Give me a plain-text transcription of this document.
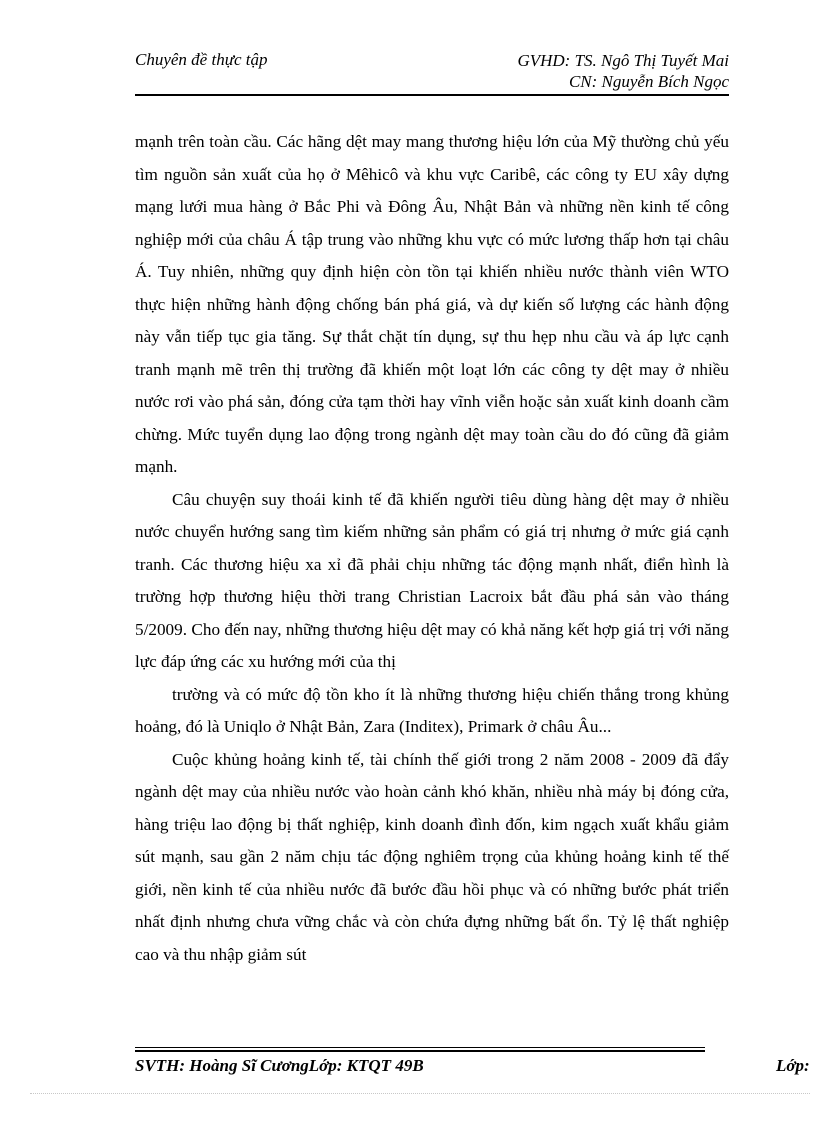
Chuyên đề thực tập	GVHD: TS. Ngô Thị Tuyết Mai
CN: Nguyễn Bích Ngọc

mạnh trên toàn cầu. Các hãng dệt may mang thương hiệu lớn của Mỹ thường chủ yếu tìm nguồn sản xuất của họ ở Mêhicô và khu vực Caribê, các công ty EU xây dựng mạng lưới mua hàng ở Bắc Phi và Đông Âu, Nhật Bản và những nền kinh tế công nghiệp mới của châu Á tập trung vào những khu vực có mức lương thấp hơn tại châu Á. Tuy nhiên, những quy định hiện còn tồn tại khiến nhiều nước thành viên WTO thực hiện những hành động chống bán phá giá, và dự kiến số lượng các hành động này vẫn tiếp tục gia tăng. Sự thắt chặt tín dụng, sự thu hẹp nhu cầu và áp lực cạnh tranh mạnh mẽ trên thị trường đã khiến một loạt lớn các công ty dệt may ở nhiều nước rơi vào phá sản, đóng cửa tạm thời hay vĩnh viễn hoặc sản xuất kinh doanh cầm chừng. Mức tuyển dụng lao động trong ngành dệt may toàn cầu do đó cũng đã giảm mạnh.

Câu chuyện suy thoái kinh tế đã khiến người tiêu dùng hàng dệt may ở nhiều nước chuyển hướng sang tìm kiếm những sản phẩm có giá trị nhưng ở mức giá cạnh tranh. Các thương hiệu xa xỉ đã phải chịu những tác động mạnh nhất, điển hình là trường hợp thương hiệu thời trang Christian Lacroix bắt đầu phá sản vào tháng 5/2009. Cho đến nay, những thương hiệu dệt may có khả năng kết hợp giá trị với năng lực đáp ứng các xu hướng mới của thị

trường và có mức độ tồn kho ít là những thương hiệu chiến thắng trong khủng hoảng, đó là Uniqlo ở Nhật Bản, Zara (Inditex), Primark ở châu Âu...

Cuộc khủng hoảng kinh tế, tài chính thế giới trong 2 năm 2008 - 2009 đã đẩy ngành dệt may của nhiều nước vào hoàn cảnh khó khăn, nhiều nhà máy bị đóng cửa, hàng triệu lao động bị thất nghiệp, kinh doanh đình đốn, kim ngạch xuất khẩu giảm sút mạnh, sau gần 2 năm chịu tác động nghiêm trọng của khủng hoảng kinh tế thế giới, nền kinh tế của nhiều nước đã bước đầu hồi phục và có những bước phát triển nhất định nhưng chưa vững chắc và còn chứa đựng những bất ổn. Tỷ lệ thất nghiệp cao và thu nhập giảm sút

SVTH: Hoàng Sĩ CươngLớp: KTQT 49B	Lớp:
